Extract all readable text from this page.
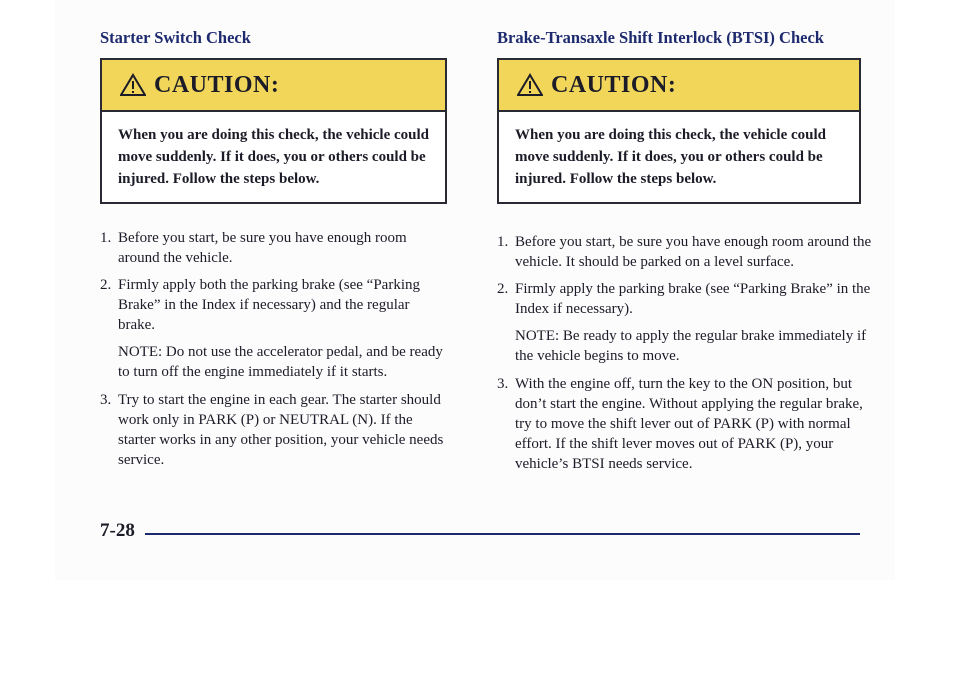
Starter Switch Check
CAUTION:
When you are doing this check, the vehicle could move suddenly. If it does, you or others could be injured. Follow the steps below.
1. Before you start, be sure you have enough room around the vehicle.
2. Firmly apply both the parking brake (see “Parking Brake” in the Index if necessary) and the regular brake.
NOTE: Do not use the accelerator pedal, and be ready to turn off the engine immediately if it starts.
3. Try to start the engine in each gear. The starter should work only in PARK (P) or NEUTRAL (N). If the starter works in any other position, your vehicle needs service.
Brake-Transaxle Shift Interlock (BTSI) Check
CAUTION:
When you are doing this check, the vehicle could move suddenly. If it does, you or others could be injured. Follow the steps below.
1. Before you start, be sure you have enough room around the vehicle. It should be parked on a level surface.
2. Firmly apply the parking brake (see “Parking Brake” in the Index if necessary).
NOTE: Be ready to apply the regular brake immediately if the vehicle begins to move.
3. With the engine off, turn the key to the ON position, but don’t start the engine. Without applying the regular brake, try to move the shift lever out of PARK (P) with normal effort. If the shift lever moves out of PARK (P), your vehicle’s BTSI needs service.
7-28
